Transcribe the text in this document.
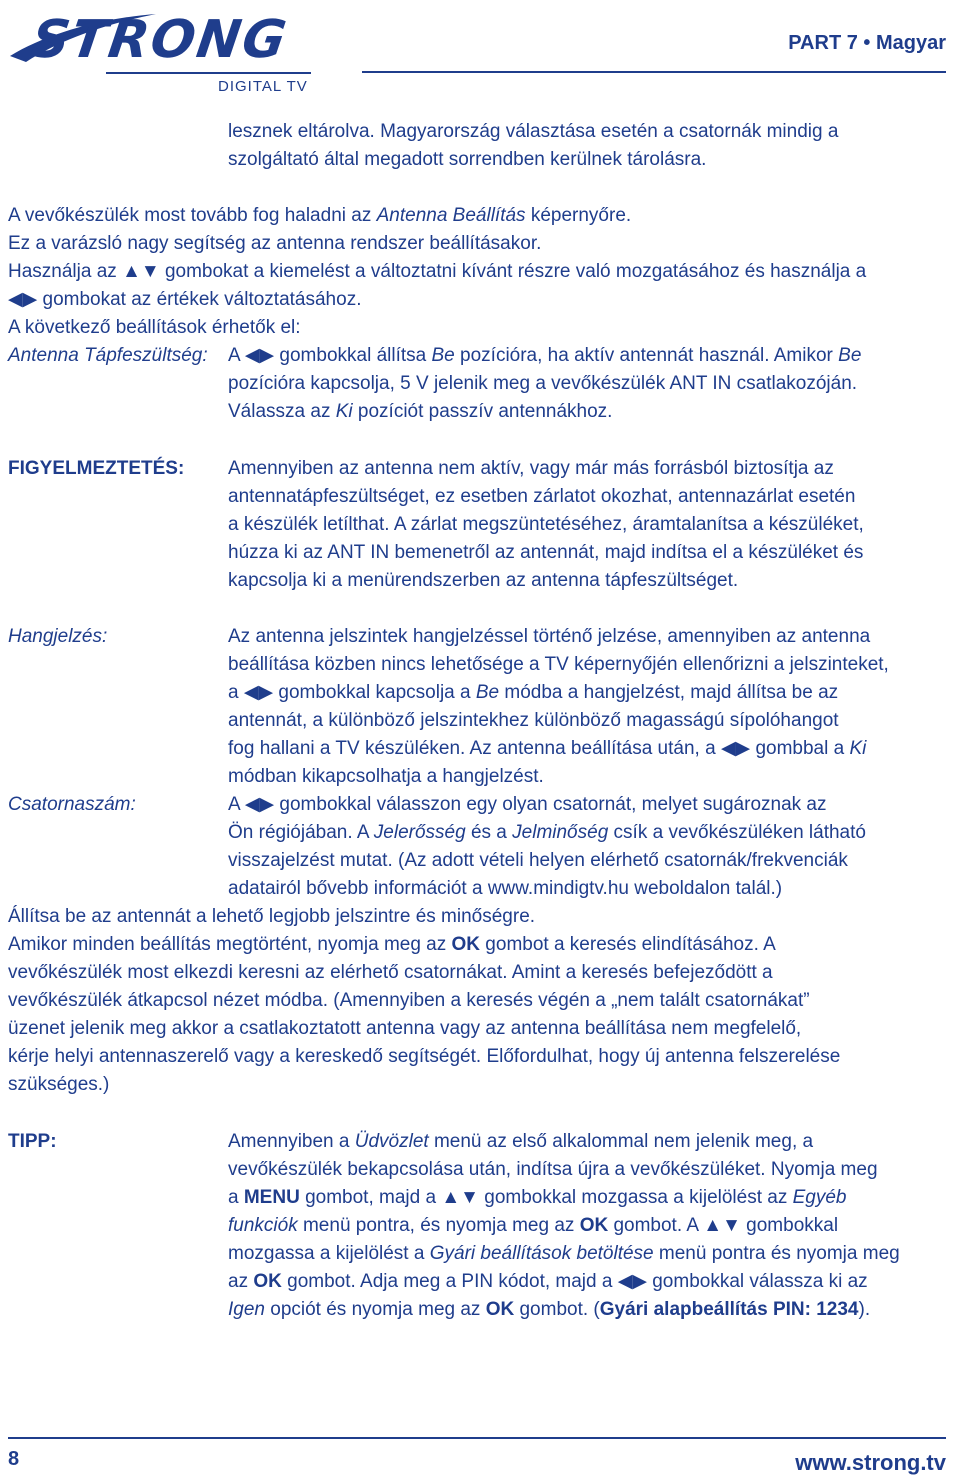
STRONG
DIGITAL TV
PART 7 • Magyar

lesznek eltárolva. Magyarország választása esetén a csatornák mindig a
szolgáltató által megadott sorrendben kerülnek tárolásra.

A vevőkészülék most tovább fog haladni az Antenna Beállítás képernyőre.
Ez a varázsló nagy segítség az antenna rendszer beállításakor.
Használja az ▲▼ gombokat a kiemelést a változtatni kívánt részre való mozgatásához és használja a
◀▶ gombokat az értékek változtatásához.
A következő beállítások érhetők el:

Antenna Tápfeszültség: A ◀▶ gombokkal állítsa Be pozícióra, ha aktív antennát használ. Amikor Be
pozícióra kapcsolja, 5 V jelenik meg a vevőkészülék ANT IN csatlakozóján.
Válassza az Ki pozíciót passzív antennákhoz.

FIGYELMEZTETÉS: Amennyiben az antenna nem aktív, vagy már más forrásból biztosítja az
antennatápfeszültséget, ez esetben zárlatot okozhat, antennazárlat esetén
a készülék letílthat. A zárlat megszüntetéséhez, áramtalanítsa a készüléket,
húzza ki az ANT IN bemenetről az antennát, majd indítsa el a készüléket és
kapcsolja ki a menürendszerben az antenna tápfeszültséget.

Hangjelzés:	Az antenna jelszintek hangjelzéssel történő jelzése, amennyiben az antenna
beállítása közben nincs lehetősége a TV képernyőjén ellenőrizni a jelszinteket,
a ◀▶ gombokkal kapcsolja a Be módba a hangjelzést, majd állítsa be az
antennát, a különböző jelszintekhez különböző magasságú sípolóhangot
fog hallani a TV készüléken. Az antenna beállítása után, a ◀▶ gombbal a Ki
módban kikapcsolhatja a hangjelzést.

Csatornaszám:	A ◀▶ gombokkal válasszon egy olyan csatornát, melyet sugároznak az
Ön régiójában. A Jelerősség és a Jelminőség csík a vevőkészüléken látható
visszajelzést mutat. (Az adott vételi helyen elérhető csatornák/frekvenciák
adatairól bővebb információt a www.mindigtv.hu weboldalon talál.)

Állítsa be az antennát a lehető legjobb jelszintre és minőségre.
Amikor minden beállítás megtörtént, nyomja meg az OK gombot a keresés elindításához. A
vevőkészülék most elkezdi keresni az elérhető csatornákat. Amint a keresés befejeződött a
vevőkészülék átkapcsol nézet módba. (Amennyiben a keresés végén a „nem talált csatornákat”
üzenet jelenik meg akkor a csatlakoztatott antenna vagy az antenna beállítása nem megfelelő,
kérje helyi antennaszerelő vagy a kereskedő segítségét. Előfordulhat, hogy új antenna felszerelése
szükséges.)

TIPP:	Amennyiben a Üdvözlet menü az első alkalommal nem jelenik meg, a
vevőkészülék bekapcsolása után, indítsa újra a vevőkészüléket. Nyomja meg
a MENU gombot, majd a ▲▼ gombokkal mozgassa a kijelölést az Egyéb
funkciók menü pontra, és nyomja meg az OK gombot. A ▲▼ gombokkal
mozgassa a kijelölést a Gyári beállítások betöltése menü pontra és nyomja meg
az OK gombot. Adja meg a PIN kódot, majd a ◀▶ gombokkal válassza ki az
Igen opciót és nyomja meg az OK gombot. (Gyári alapbeállítás PIN: 1234).

8	www.strong.tv
